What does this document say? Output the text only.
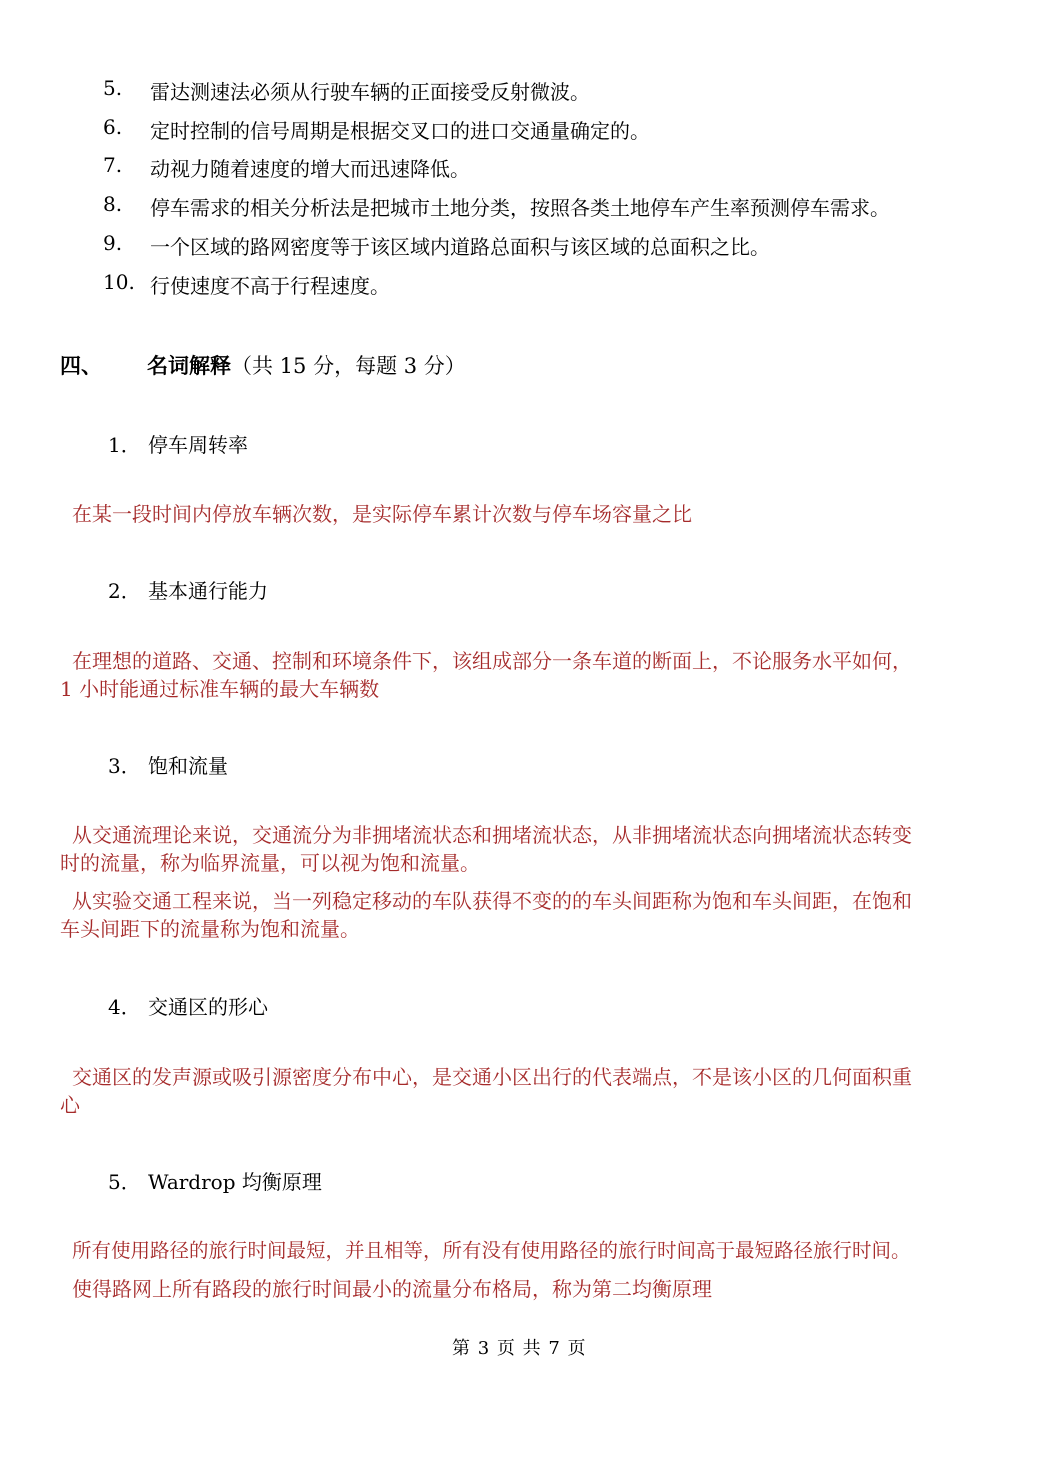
5. 雷达测速法必须从行驶车辆的正面接受反射微波。
6. 定时控制的信号周期是根据交叉口的进口交通量确定的。
7. 动视力随着速度的增大而迅速降低。
8. 停车需求的相关分析法是把城市土地分类，按照各类土地停车产生率预测停车需求。
9. 一个区域的路网密度等于该区域内道路总面积与该区域的总面积之比。
10. 行使速度不高于行程速度。
四、 名词解释（共 15 分，每题 3 分）
1． 停车周转率
在某一段时间内停放车辆次数，是实际停车累计次数与停车场容量之比
2． 基本通行能力
在理想的道路、交通、控制和环境条件下，该组成部分一条车道的断面上，不论服务水平如何，
1 小时能通过标准车辆的最大车辆数
3． 饱和流量
从交通流理论来说，交通流分为非拥堵流状态和拥堵流状态，从非拥堵流状态向拥堵流状态转变
时的流量，称为临界流量，可以视为饱和流量。
从实验交通工程来说，当一列稳定移动的车队获得不变的的车头间距称为饱和车头间距，在饱和
车头间距下的流量称为饱和流量。
4． 交通区的形心
交通区的发声源或吸引源密度分布中心，是交通小区出行的代表端点，不是该小区的几何面积重
心
5． Wardrop 均衡原理
所有使用路径的旅行时间最短，并且相等，所有没有使用路径的旅行时间高于最短路径旅行时间。
使得路网上所有路段的旅行时间最小的流量分布格局，称为第二均衡原理
第 3 页 共 7 页
